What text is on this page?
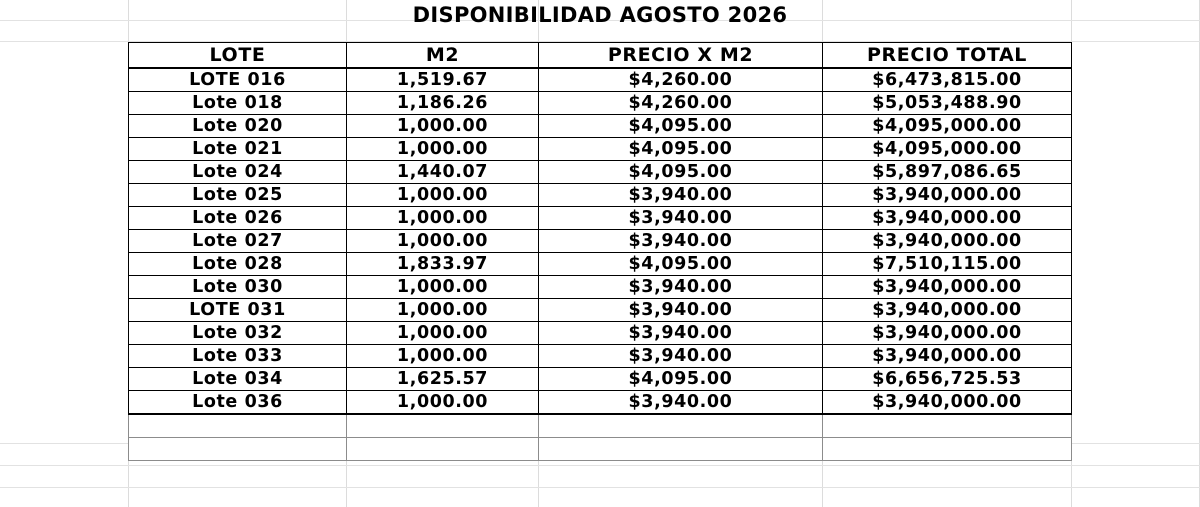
DISPONIBILIDAD AGOSTO 2026
LOTE	M2	PRECIO X M2	PRECIO TOTAL
LOTE 016	1,519.67	$4,260.00	$6,473,815.00
Lote 018	1,186.26	$4,260.00	$5,053,488.90
Lote 020	1,000.00	$4,095.00	$4,095,000.00
Lote 021	1,000.00	$4,095.00	$4,095,000.00
Lote 024	1,440.07	$4,095.00	$5,897,086.65
Lote 025	1,000.00	$3,940.00	$3,940,000.00
Lote 026	1,000.00	$3,940.00	$3,940,000.00
Lote 027	1,000.00	$3,940.00	$3,940,000.00
Lote 028	1,833.97	$4,095.00	$7,510,115.00
Lote 030	1,000.00	$3,940.00	$3,940,000.00
LOTE 031	1,000.00	$3,940.00	$3,940,000.00
Lote 032	1,000.00	$3,940.00	$3,940,000.00
Lote 033	1,000.00	$3,940.00	$3,940,000.00
Lote 034	1,625.57	$4,095.00	$6,656,725.53
Lote 036	1,000.00	$3,940.00	$3,940,000.00
